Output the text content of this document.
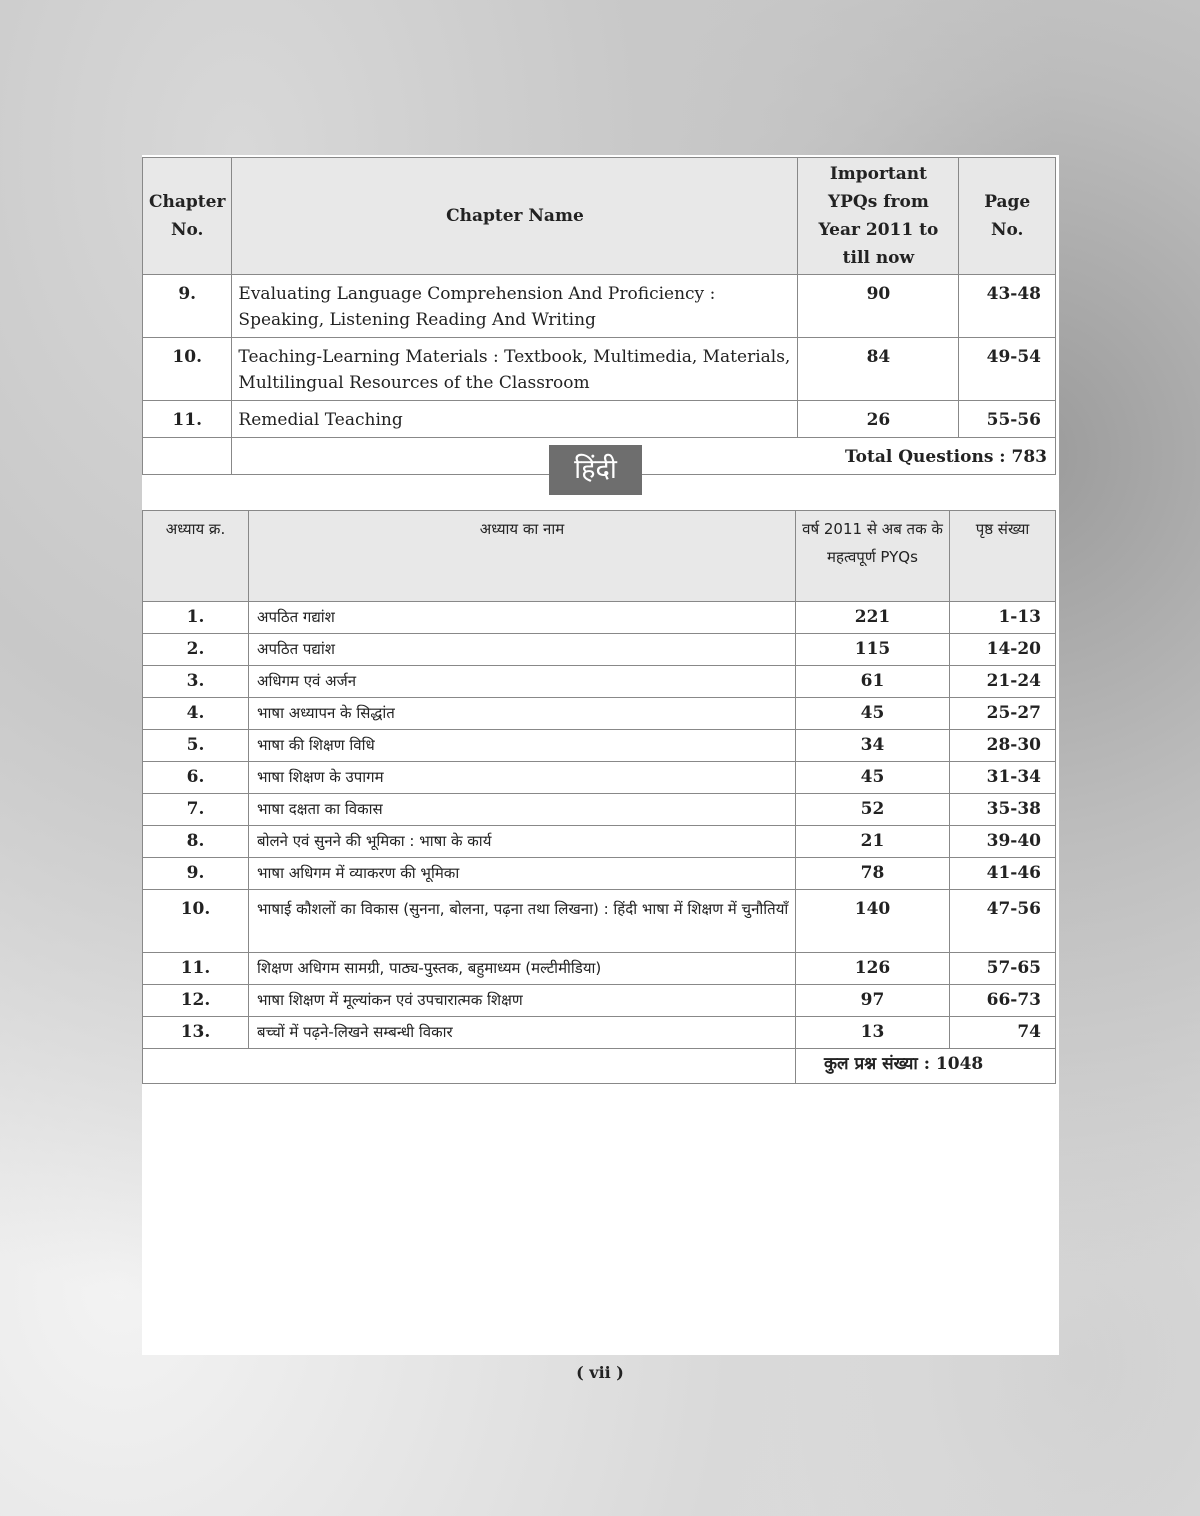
Chapter No.	Chapter Name	Important YPQs from Year 2011 to till now	Page No.
9.	Evaluating Language Comprehension And Proficiency : Speaking, Listening Reading And Writing	90	43-48
10.	Teaching-Learning Materials : Textbook, Multimedia, Materials, Multilingual Resources of the Classroom	84	49-54
11.	Remedial Teaching	26	55-56
	Total Questions : 783		
हिंदी
अध्याय क्र.	अध्याय का नाम	वर्ष 2011 से अब तक के महत्वपूर्ण PYQs	पृष्ठ संख्या
1.	अपठित गद्यांश	221	1-13
2.	अपठित पद्यांश	115	14-20
3.	अधिगम एवं अर्जन	61	21-24
4.	भाषा अध्यापन के सिद्धांत	45	25-27
5.	भाषा की शिक्षण विधि	34	28-30
6.	भाषा शिक्षण के उपागम	45	31-34
7.	भाषा दक्षता का विकास	52	35-38
8.	बोलने एवं सुनने की भूमिका : भाषा के कार्य	21	39-40
9.	भाषा अधिगम में व्याकरण की भूमिका	78	41-46
10.	भाषाई कौशलों का विकास (सुनना, बोलना, पढ़ना तथा लिखना) : हिंदी भाषा में शिक्षण में चुनौतियाँ	140	47-56
11.	शिक्षण अधिगम सामग्री, पाठ्य-पुस्तक, बहुमाध्यम (मल्टीमीडिया)	126	57-65
12.	भाषा शिक्षण में मूल्यांकन एवं उपचारात्मक शिक्षण	97	66-73
13.	बच्चों में पढ़ने-लिखने सम्बन्धी विकार	13	74
		कुल प्रश्न संख्या : 1048	
( vii )
